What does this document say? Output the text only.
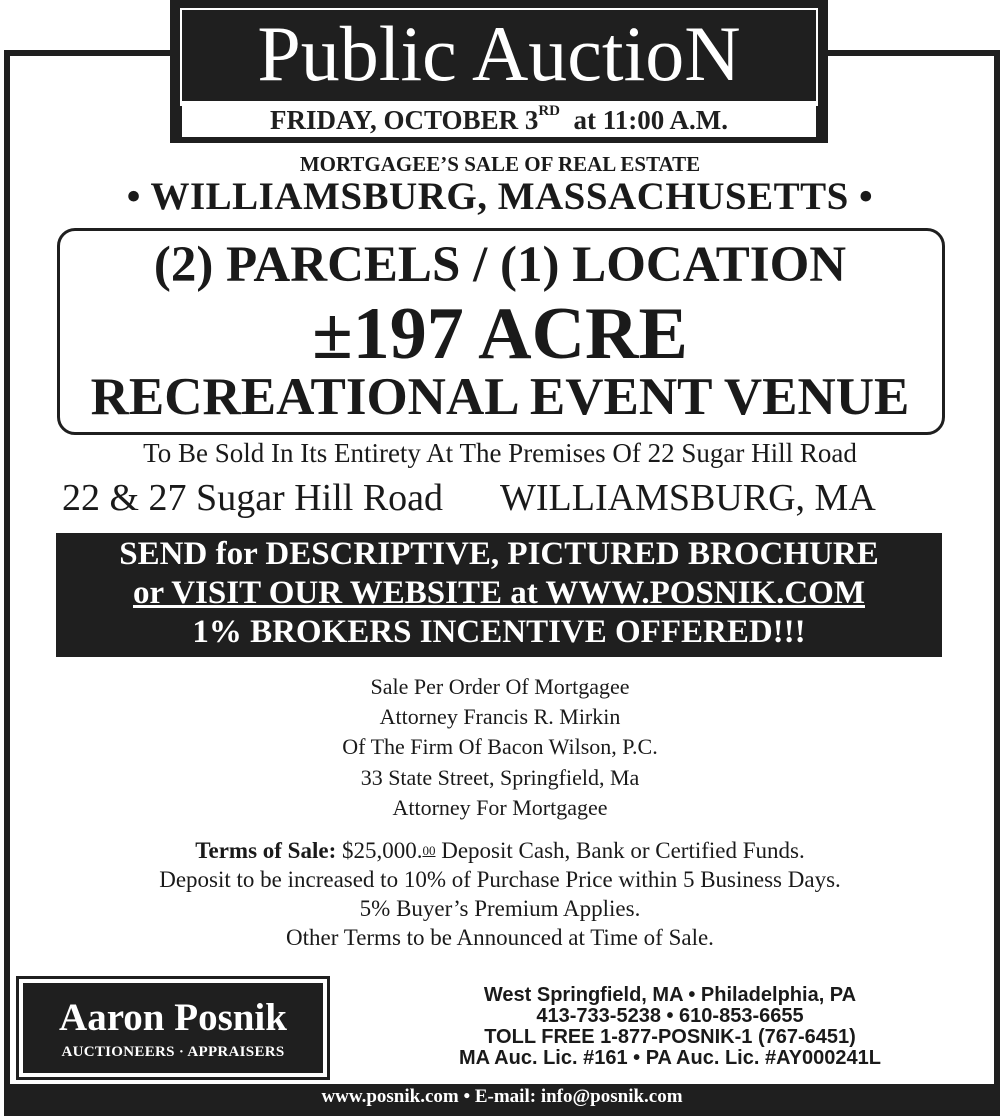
Public AuctioN
FRIDAY, OCTOBER 3RD at 11:00 A.M.
MORTGAGEE’S SALE OF REAL ESTATE
• WILLIAMSBURG, MASSACHUSETTS •
(2) PARCELS / (1) LOCATION
±197 ACRE
RECREATIONAL EVENT VENUE
To Be Sold In Its Entirety At The Premises Of 22 Sugar Hill Road
22 & 27 Sugar Hill Road WILLIAMSBURG, MA
SEND for DESCRIPTIVE, PICTURED BROCHURE
or VISIT OUR WEBSITE at WWW.POSNIK.COM
1% BROKERS INCENTIVE OFFERED!!!
Sale Per Order Of Mortgagee
Attorney Francis R. Mirkin
Of The Firm Of Bacon Wilson, P.C.
33 State Street, Springfield, Ma
Attorney For Mortgagee
Terms of Sale: $25,000.00 Deposit Cash, Bank or Certified Funds.
Deposit to be increased to 10% of Purchase Price within 5 Business Days.
5% Buyer’s Premium Applies.
Other Terms to be Announced at Time of Sale.
Aaron Posnik
AUCTIONEERS · APPRAISERS
West Springfield, MA • Philadelphia, PA
413-733-5238 • 610-853-6655
TOLL FREE 1-877-POSNIK-1 (767-6451)
MA Auc. Lic. #161 • PA Auc. Lic. #AY000241L
www.posnik.com • E-mail: info@posnik.com
